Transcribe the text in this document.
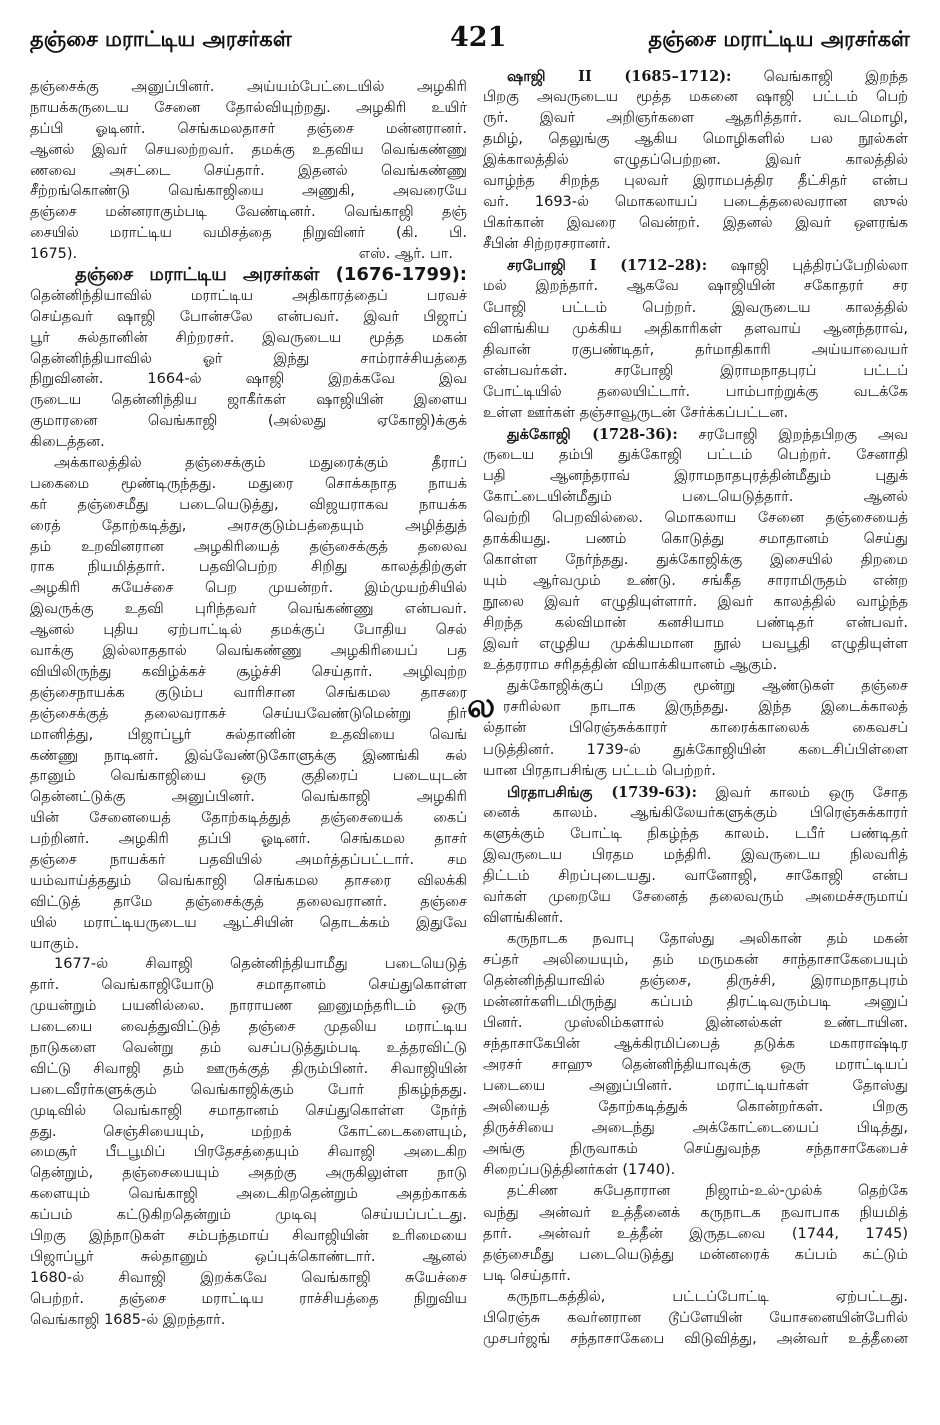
தஞ்சை மராட்டிய அரசர்கள்	421	தஞ்சை மராட்டிய அரசர்கள்
தஞ்சைக்கு அனுப்பினர். அய்யம்பேட்டையில் அழகிரி
நாயக்கருடைய சேனை தோல்வியுற்றது. அழகிரி உயிர்
தப்பி ஓடினர். செங்கமலதாசர் தஞ்சை மன்னரானர்.
ஆனல் இவர் செயலற்றவர். தமக்கு உதவிய வெங்கண்ணு
ணவை அசட்டை செய்தார். இதனல் வெங்கண்ணு
சீற்றங்கொண்டு வெங்காஜியை அணுகி, அவரையே
தஞ்சை மன்னராகும்படி வேண்டினர். வெங்காஜி தஞ்
சையில் மராட்டிய வமிசத்தை நிறுவினர் (கி. பி.
1675).	எஸ். ஆர். பா.
தஞ்சை மராட்டிய அரசர்கள் (1676-1799):
தென்னிந்தியாவில் மராட்டிய அதிகாரத்தைப் பரவச்
செய்தவர் ஷாஜி போன்சலே என்பவர். இவர் பிஜாப்
பூர் சுல்தானின் சிற்றரசர். இவருடைய மூத்த மகன்
தென்னிந்தியாவில் ஓர் இந்து சாம்ராச்சியத்தை
நிறுவினன். 1664-ல் ஷாஜி இறக்கவே இவ
ருடைய தென்னிந்திய ஜாகீர்கள் ஷாஜியின் இளைய
குமாரனை வெங்காஜி (அல்லது ஏகோஜி)க்குக்
கிடைத்தன.
அக்காலத்தில் தஞ்சைக்கும் மதுரைக்கும் தீராப்
பகைமை மூண்டிருந்தது. மதுரை சொக்கநாத நாயக்
கர் தஞ்சைமீது படையெடுத்து, விஜயராகவ நாயக்க
ரைத் தோற்கடித்து, அரசகுடும்பத்தையும் அழித்துத்
தம் உறவினரான அழகிரியைத் தஞ்சைக்குத் தலைவ
ராக நியமித்தார். பதவிபெற்ற சிறிது காலத்திற்குள்
அழகிரி சுயேச்சை பெற முயன்றர். இம்முயற்சியில்
இவருக்கு உதவி புரிந்தவர் வெங்கண்ணு என்பவர்.
ஆனல் புதிய ஏற்பாட்டில் தமக்குப் போதிய செல்
வாக்கு இல்லாததால் வெங்கண்ணு அழகிரியைப் பத
வியிலிருந்து கவிழ்க்கச் சூழ்ச்சி செய்தார். அழிவுற்ற
தஞ்சைநாயக்க குடும்ப வாரிசான செங்கமல தாசரை
தஞ்சைக்குத் தலைவராகச் செய்யவேண்டுமென்று நிர்
மானித்து, பிஜாப்பூர் சுல்தானின் உதவியை வெங்
கண்ணு நாடினர். இவ்வேண்டுகோளுக்கு இணங்கி சுல்
தானும் வெங்காஜியை ஒரு குதிரைப் படையுடன்
தென்னட்டுக்கு அனுப்பினர். வெங்காஜி அழகிரி
யின் சேனையைத் தோற்கடித்துத் தஞ்சையைக் கைப்
பற்றினர். அழகிரி தப்பி ஓடினர். செங்கமல தாசர்
தஞ்சை நாயக்கர் பதவியில் அமர்த்தப்பட்டார். சம
யம்வாய்த்ததும் வெங்காஜி செங்கமல தாசரை விலக்கி
விட்டுத் தாமே தஞ்சைக்குத் தலைவரானர். தஞ்சை
யில் மராட்டியருடைய ஆட்சியின் தொடக்கம் இதுவே
யாகும்.
1677-ல் சிவாஜி தென்னிந்தியாமீது படையெடுத்
தார். வெங்காஜியோடு சமாதானம் செய்துகொள்ள
முயன்றும் பயனில்லை. நாராயண ஹனுமந்தரிடம் ஒரு
படையை வைத்துவிட்டுத் தஞ்சை முதலிய மராட்டிய
நாடுகளை வென்று தம் வசப்படுத்தும்படி உத்தரவிட்டு
விட்டு சிவாஜி தம் ஊருக்குத் திரும்பினர். சிவாஜியின்
படைவீரர்களுக்கும் வெங்காஜிக்கும் போர் நிகழ்ந்தது.
முடிவில் வெங்காஜி சமாதானம் செய்துகொள்ள நேர்ந்
தது. செஞ்சியையும், மற்றக் கோட்டைகளையும்,
மைசூர் பீடபூமிப் பிரதேசத்தையும் சிவாஜி அடைகிற
தென்றும், தஞ்சையையும் அதற்கு அருகிலுள்ள நாடு
களையும் வெங்காஜி அடைகிறதென்றும் அதற்காகக்
கப்பம் கட்டுகிறதென்றும் முடிவு செய்யப்பட்டது.
பிறகு இந்நாடுகள் சம்பந்தமாய் சிவாஜியின் உரிமையை
பிஜாப்பூர் சுல்தானும் ஒப்புக்கொண்டார். ஆனல்
1680-ல் சிவாஜி இறக்கவே வெங்காஜி சுயேச்சை
பெற்றர். தஞ்சை மராட்டிய ராச்சியத்தை நிறுவிய
வெங்காஜி 1685-ல் இறந்தார்.
ல
ஷாஜி II (1685–1712): வெங்காஜி இறந்த
பிறகு அவருடைய மூத்த மகனை ஷாஜி பட்டம் பெற்
ருர். இவர் அறிஞர்களை ஆதரித்தார். வடமொழி,
தமிழ், தெலுங்கு ஆகிய மொழிகளில் பல நூல்கள்
இக்காலத்தில் எழுதப்பெற்றன. இவர் காலத்தில்
வாழ்ந்த சிறந்த புலவர் இராமபத்திர தீட்சிதர் என்ப
வர். 1693-ல் மொகலாயப் படைத்தலைவரான ஸுல்
பிகர்கான் இவரை வென்றர். இதனல் இவர் ஔரங்க
சீபின் சிற்றரசரானர்.
சரபோஜி I (1712–28): ஷாஜி புத்திரப்பேறில்லா
மல் இறந்தார். ஆகவே ஷாஜியின் சகோதரர் சர
போஜி பட்டம் பெற்றர். இவருடைய காலத்தில்
விளங்கிய முக்கிய அதிகாரிகள் தளவாய் ஆனந்தராவ்,
திவான் ரகுபண்டிதர், தர்மாதிகாரி அய்யாவையர்
என்பவர்கள். சரபோஜி இராமநாதபுரப் பட்டப்
போட்டியில் தலையிட்டார். பாம்பாற்றுக்கு வடக்கே
உள்ள ஊர்கள் தஞ்சாவூருடன் சேர்க்கப்பட்டன.
துக்கோஜி (1728-36): சரபோஜி இறந்தபிறகு அவ
ருடைய தம்பி துக்கோஜி பட்டம் பெற்றர். சேனாதி
பதி ஆனந்தராவ் இராமநாதபுரத்தின்மீதும் புதுக்
கோட்டையின்மீதும் படையெடுத்தார். ஆனல்
வெற்றி பெறவில்லை. மொகலாய சேனை தஞ்சையைத்
தாக்கியது. பணம் கொடுத்து சமாதானம் செய்து
கொள்ள நேர்ந்தது. துக்கோஜிக்கு இசையில் திறமை
யும் ஆர்வமும் உண்டு. சங்கீத சாராமிருதம் என்ற
நூலை இவர் எழுதியுள்ளார். இவர் காலத்தில் வாழ்ந்த
சிறந்த கல்விமான் கனசியாம பண்டிதர் என்பவர்.
இவர் எழுதிய முக்கியமான நூல் பவபூதி எழுதியுள்ள
உத்தரராம சரிதத்தின் வியாக்கியானம் ஆகும்.
துக்கோஜிக்குப் பிறகு மூன்று ஆண்டுகள் தஞ்சை
ரசரில்லா நாடாக இருந்தது. இந்த இடைக்காலத்
ல்தான் பிரெஞ்சுக்காரர் காரைக்காலைக் கைவசப்
படுத்தினர். 1739-ல் துக்கோஜியின் கடைசிப்பிள்ளை
யான பிரதாபசிங்கு பட்டம் பெற்றர்.
பிரதாபசிங்கு (1739-63): இவர் காலம் ஒரு சோத
னைக் காலம். ஆங்கிலேயர்களுக்கும் பிரெஞ்சுக்காரர்
களுக்கும் போட்டி நிகழ்ந்த காலம். டபீர் பண்டிதர்
இவருடைய பிரதம மந்திரி. இவருடைய நிலவரித்
திட்டம் சிறப்புடையது. வானோஜி, சாகோஜி என்ப
வர்கள் முறையே சேனைத் தலைவரும் அமைச்சருமாய்
விளங்கினர்.
கருநாடக நவாபு தோஸ்து அலிகான் தம் மகன்
சப்தர் அலியையும், தம் மருமகன் சாந்தாசாகேபையும்
தென்னிந்தியாவில் தஞ்சை, திருச்சி, இராமநாதபுரம்
மன்னர்களிடமிருந்து கப்பம் திரட்டிவரும்படி அனுப்
பினர். முஸ்லிம்களால் இன்னல்கள் உண்டாயின.
சந்தாசாகேபின் ஆக்கிரமிப்பைத் தடுக்க மகாராஷ்டிர
அரசர் சாஹு தென்னிந்தியாவுக்கு ஒரு மராட்டியப்
படையை அனுப்பினர். மராட்டியர்கள் தோஸ்து
அலியைத் தோற்கடித்துக் கொன்றர்கள். பிறகு
திருச்சியை அடைந்து அக்கோட்டையைப் பிடித்து,
அங்கு நிருவாகம் செய்துவந்த சந்தாசாகேபைச்
சிறைப்படுத்தினர்கள் (1740).
தட்சிண சுபேதாரான நிஜாம்-உல்-முல்க் தெற்கே
வந்து அன்வர் உத்தீனைக் கருநாடக நவாபாக நியமித்
தார். அன்வர் உத்தீன் இருதடவை (1744, 1745)
தஞ்சைமீது படையெடுத்து மன்னரைக் கப்பம் கட்டும்
படி செய்தார்.
கருநாடகத்தில், பட்டப்போட்டி ஏற்பட்டது.
பிரெஞ்சு கவர்னரான டூப்ளேயின் யோசனையின்பேரில்
முசபர்ஜங் சந்தாசாகேபை விடுவித்து, அன்வர் உத்தீனை
